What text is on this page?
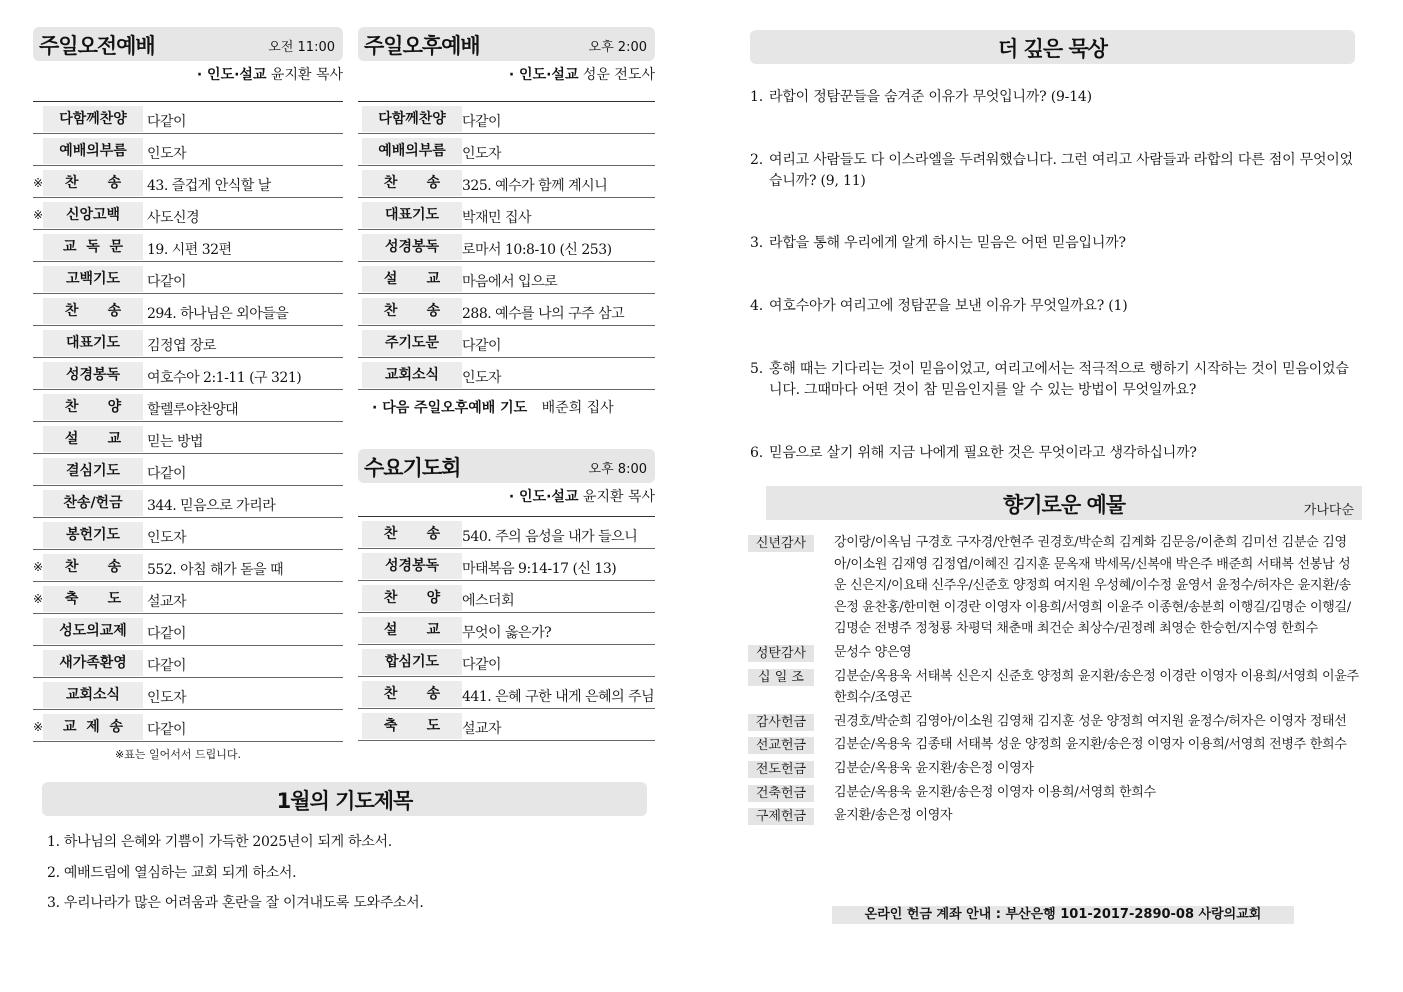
주일오전예배	오전 11:00
· 인도·설교 윤지환 목사
다함께찬양	다같이
예배의부름	인도자
※	찬      송	43. 즐겁게 안식할 날
※	신앙고백	사도신경
교  독  문	19. 시편 32편
고백기도	다같이
찬      송	294. 하나님은 외아들을
대표기도	김정엽 장로
성경봉독	여호수아 2:1-11 (구 321)
찬      양	할렐루야찬양대
설      교	믿는 방법
결심기도	다같이
찬송/헌금	344. 믿음으로 가리라
봉헌기도	인도자
※	찬      송	552. 아침 해가 돋을 때
※	축      도	설교자
성도의교제	다같이
새가족환영	다같이
교회소식	인도자
※	교  제  송	다같이
※표는 일어서서 드립니다.
주일오후예배	오후 2:00
· 인도·설교 성운 전도사
다함께찬양	다같이
예배의부름	인도자
찬      송	325. 예수가 함께 계시니
대표기도	박재민 집사
성경봉독	로마서 10:8-10 (신 253)
설      교	마음에서 입으로
찬      송	288. 예수를 나의 구주 삼고
주기도문	다같이
교회소식	인도자
· 다음 주일오후예배 기도 배준희 집사
수요기도회	오후 8:00
· 인도·설교 윤지환 목사
찬      송	540. 주의 음성을 내가 들으니
성경봉독	마태복음 9:14-17 (신 13)
찬      양	에스더회
설      교	무엇이 옳은가?
합심기도	다같이
찬      송	441. 은혜 구한 내게 은혜의 주님
축      도	설교자
1월의 기도제목
1. 하나님의 은혜와 기쁨이 가득한 2025년이 되게 하소서.
2. 예배드림에 열심하는 교회 되게 하소서.
3. 우리나라가 많은 어려움과 혼란을 잘 이겨내도록 도와주소서.
더 깊은 묵상
1. 라합이 정탐꾼들을 숨겨준 이유가 무엇입니까? (9-14)
2. 여리고 사람들도 다 이스라엘을 두려워했습니다. 그런 여리고 사람들과 라합의 다른 점이 무엇이었습니까? (9, 11)
3. 라합을 통해 우리에게 알게 하시는 믿음은 어떤 믿음입니까?
4. 여호수아가 여리고에 정탐꾼을 보낸 이유가 무엇일까요? (1)
5. 홍해 때는 기다리는 것이 믿음이었고, 여리고에서는 적극적으로 행하기 시작하는 것이 믿음이었습니다. 그때마다 어떤 것이 참 믿음인지를 알 수 있는 방법이 무엇일까요?
6. 믿음으로 살기 위해 지금 나에게 필요한 것은 무엇이라고 생각하십니까?
향기로운 예물	가나다순
신년감사	강이랑/이옥님 구경호 구자경/안현주 권경호/박순희 김계화 김문응/이춘희 김미선 김분순 김영아/이소원 김재영 김정엽/이혜진 김지훈 문옥재 박세목/신복애 박은주 배준희 서태복 선봉남 성운 신은지/이요태 신주우/신준호 양정희 여지원 우성혜/이수정 윤영서 윤정수/허자은 윤지환/송은정 윤찬홍/한미현 이경란 이영자 이용희/서영희 이윤주 이종현/송분희 이행길/김명순 이행길/김명순 전병주 정청룡 차평덕 채춘매 최건순 최상수/권정례 최영순 한승헌/지수영 한희수
성탄감사	문성수 양은영
십 일 조	김분순/옥용욱 서태복 신은지 신준호 양정희 윤지환/송은정 이경란 이영자 이용희/서영희 이윤주 한희수/조영곤
감사헌금	권경호/박순희 김영아/이소원 김영채 김지훈 성운 양정희 여지원 윤정수/허자은 이영자 정태선
선교헌금	김분순/옥용욱 김종태 서태복 성운 양정희 윤지환/송은정 이영자 이용희/서영희 전병주 한희수
전도헌금	김분순/옥용욱 윤지환/송은정 이영자
건축헌금	김분순/옥용욱 윤지환/송은정 이영자 이용희/서영희 한희수
구제헌금	윤지환/송은정 이영자
온라인 헌금 계좌 안내 : 부산은행 101-2017-2890-08 사랑의교회
